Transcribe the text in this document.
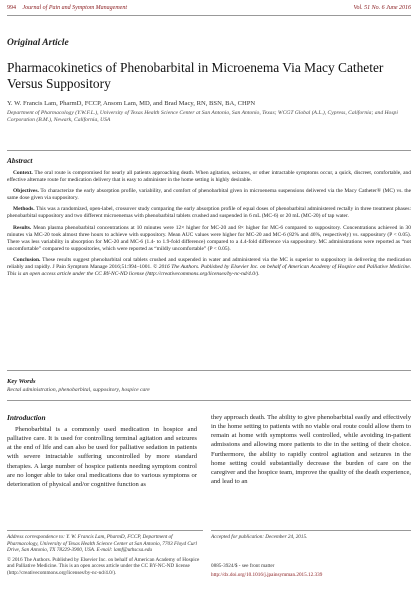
994 Journal of Pain and Symptom Management	Vol. 51 No. 6 June 2016
Original Article
Pharmacokinetics of Phenobarbital in Microenema Via Macy Catheter Versus Suppository
Y. W. Francis Lam, PharmD, FCCP, Ansom Lam, MD, and Brad Macy, RN, BSN, BA, CHPN
Department of Pharmacology (Y.W.F.L.), University of Texas Health Science Center at San Antonio, San Antonio, Texas; WCGT Global (A.L.), Cypress, California; and Hospi Corporation (B.M.), Newark, California, USA
Abstract

Context. The oral route is compromised for nearly all patients approaching death. When agitation, seizures, or other intractable symptoms occur, a quick, discreet, comfortable, and effective alternate route for medication delivery that is easy to administer in the home setting is highly desirable.

Objectives. To characterize the early absorption profile, variability, and comfort of phenobarbital given in microenema suspensions delivered via the Macy Catheter® (MC) vs. the same dose given via suppository.

Methods. This was a randomized, open-label, crossover study comparing the early absorption profile of equal doses of phenobarbital administered rectally in three treatment phases: phenobarbital suppository and two different microenemas with phenobarbital tablets crushed and suspended in 6 mL (MC-6) or 20 mL (MC-20) of tap water.

Results. Mean plasma phenobarbital concentrations at 10 minutes were 12× higher for MC-20 and 8× higher for MC-6 compared to suppository. Concentrations achieved in 30 minutes via MC-20 took almost three hours to achieve with suppository. Mean AUC values were higher for MC-20 and MC-6 (82% and 46%, respectively) vs. suppository (P < 0.05). There was less variability in absorption for MC-20 and MC-6 (1.4- to 1.9-fold difference) compared to a 4.4-fold difference via suppository. MC administrations were reported as “not uncomfortable” compared to suppositories, which were reported as “mildly uncomfortable” (P < 0.05).

Conclusion. These results suggest phenobarbital oral tablets crushed and suspended in water and administered via the MC is superior to suppository in delivering the medication reliably and rapidly. J Pain Symptom Manage 2016;51:994–1001. © 2016 The Authors. Published by Elsevier Inc. on behalf of American Academy of Hospice and Palliative Medicine. This is an open access article under the CC BY-NC-ND license (http://creativecommons.org/licenses/by-nc-nd/4.0/).

Key Words
Rectal administration, phenobarbital, suppository, hospice care
Introduction

Phenobarbital is a commonly used medication in hospice and palliative care. It is used for controlling terminal agitation and seizures at the end of life and can also be used for palliative sedation in patients with severe intractable suffering uncontrolled by more standard therapies. A large number of hospice patients needing symptom control are no longer able to take oral medications due to various symptoms or deterioration of physical and/or cognitive function as

they approach death. The ability to give phenobarbital easily and effectively in the home setting to patients with no viable oral route could allow them to remain at home with symptoms well controlled, while avoiding in-patient admissions and allowing more patients to die in the setting of their choice. Furthermore, the ability to rapidly control agitation and seizures in the home setting could substantially decrease the burden of care on the caregiver and the hospice team, improve the quality of the death experience, and lead to an

Address correspondence to: Y. W. Francis Lam, PharmD, FCCP, Department of Pharmacology, University of Texas Health Science Center at San Antonio, 7703 Floyd Curl Drive, San Antonio, TX 78229-3900, USA. E-mail: lamf@uthscsa.edu

© 2016 The Authors. Published by Elsevier Inc. on behalf of American Academy of Hospice and Palliative Medicine. This is an open access article under the CC BY-NC-ND license (http://creativecommons.org/licenses/by-nc-nd/4.0/).

Accepted for publication: December 24, 2015.

0885-3924/$ - see front matter

http://dx.doi.org/10.1016/j.jpainsymman.2015.12.339
